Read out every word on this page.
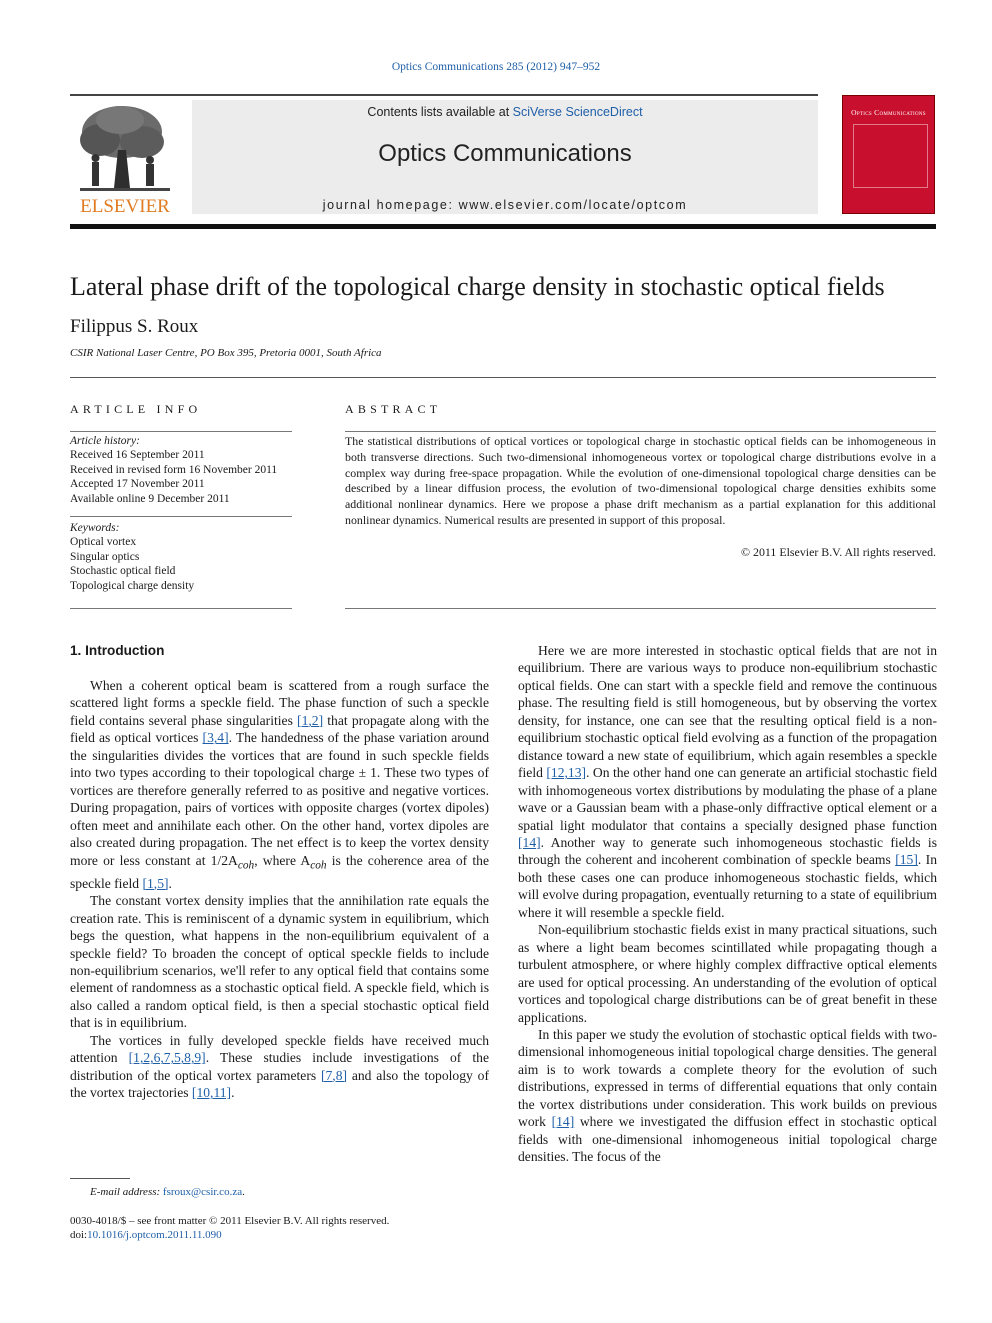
Optics Communications 285 (2012) 947–952
ELSEVIER
Contents lists available at SciVerse ScienceDirect
Optics Communications
journal homepage: www.elsevier.com/locate/optcom
Optics Communications
Lateral phase drift of the topological charge density in stochastic optical fields
Filippus S. Roux
CSIR National Laser Centre, PO Box 395, Pretoria 0001, South Africa
ARTICLE INFO	ABSTRACT
Article history:
Received 16 September 2011
Received in revised form 16 November 2011
Accepted 17 November 2011
Available online 9 December 2011
Keywords:
Optical vortex
Singular optics
Stochastic optical field
Topological charge density
The statistical distributions of optical vortices or topological charge in stochastic optical fields can be inhomogeneous in both transverse directions. Such two-dimensional inhomogeneous vortex or topological charge distributions evolve in a complex way during free-space propagation. While the evolution of one-dimensional topological charge densities can be described by a linear diffusion process, the evolution of two-dimensional topological charge densities exhibits some additional nonlinear dynamics. Here we propose a phase drift mechanism as a partial explanation for this additional nonlinear dynamics. Numerical results are presented in support of this proposal.
© 2011 Elsevier B.V. All rights reserved.
1. Introduction

When a coherent optical beam is scattered from a rough surface the scattered light forms a speckle field. The phase function of such a speckle field contains several phase singularities [1,2] that propagate along with the field as optical vortices [3,4]. The handedness of the phase variation around the singularities divides the vortices that are found in such speckle fields into two types according to their topological charge ± 1. These two types of vortices are therefore generally referred to as positive and negative vortices. During propagation, pairs of vortices with opposite charges (vortex dipoles) often meet and annihilate each other. On the other hand, vortex dipoles are also created during propagation. The net effect is to keep the vortex density more or less constant at $1/2A_{coh}$, where $A_{coh}$ is the coherence area of the speckle field [1,5].

The constant vortex density implies that the annihilation rate equals the creation rate. This is reminiscent of a dynamic system in equilibrium, which begs the question, what happens in the non-equilibrium equivalent of a speckle field? To broaden the concept of optical speckle fields to include non-equilibrium scenarios, we'll refer to any optical field that contains some element of randomness as a stochastic optical field. A speckle field, which is also called a random optical field, is then a special stochastic optical field that is in equilibrium.

The vortices in fully developed speckle fields have received much attention [1,2,6,7,5,8,9]. These studies include investigations of the distribution of the optical vortex parameters [7,8] and also the topology of the vortex trajectories [10,11].

Here we are more interested in stochastic optical fields that are not in equilibrium. There are various ways to produce non-equilibrium stochastic optical fields. One can start with a speckle field and remove the continuous phase. The resulting field is still homogeneous, but by observing the vortex density, for instance, one can see that the resulting optical field is a non-equilibrium stochastic optical field evolving as a function of the propagation distance toward a new state of equilibrium, which again resembles a speckle field [12,13]. On the other hand one can generate an artificial stochastic field with inhomogeneous vortex distributions by modulating the phase of a plane wave or a Gaussian beam with a phase-only diffractive optical element or a spatial light modulator that contains a specially designed phase function [14]. Another way to generate such inhomogeneous stochastic fields is through the coherent and incoherent combination of speckle beams [15]. In both these cases one can produce inhomogeneous stochastic fields, which will evolve during propagation, eventually returning to a state of equilibrium where it will resemble a speckle field.

Non-equilibrium stochastic fields exist in many practical situations, such as where a light beam becomes scintillated while propagating though a turbulent atmosphere, or where highly complex diffractive optical elements are used for optical processing. An understanding of the evolution of optical vortices and topological charge distributions can be of great benefit in these applications.

In this paper we study the evolution of stochastic optical fields with two-dimensional inhomogeneous initial topological charge densities. The general aim is to work towards a complete theory for the evolution of such distributions, expressed in terms of differential equations that only contain the vortex distributions under consideration. This work builds on previous work [14] where we investigated the diffusion effect in stochastic optical fields with one-dimensional inhomogeneous initial topological charge densities. The focus of the

E-mail address: fsroux@csir.co.za.
0030-4018/$ – see front matter © 2011 Elsevier B.V. All rights reserved.
doi:10.1016/j.optcom.2011.11.090
